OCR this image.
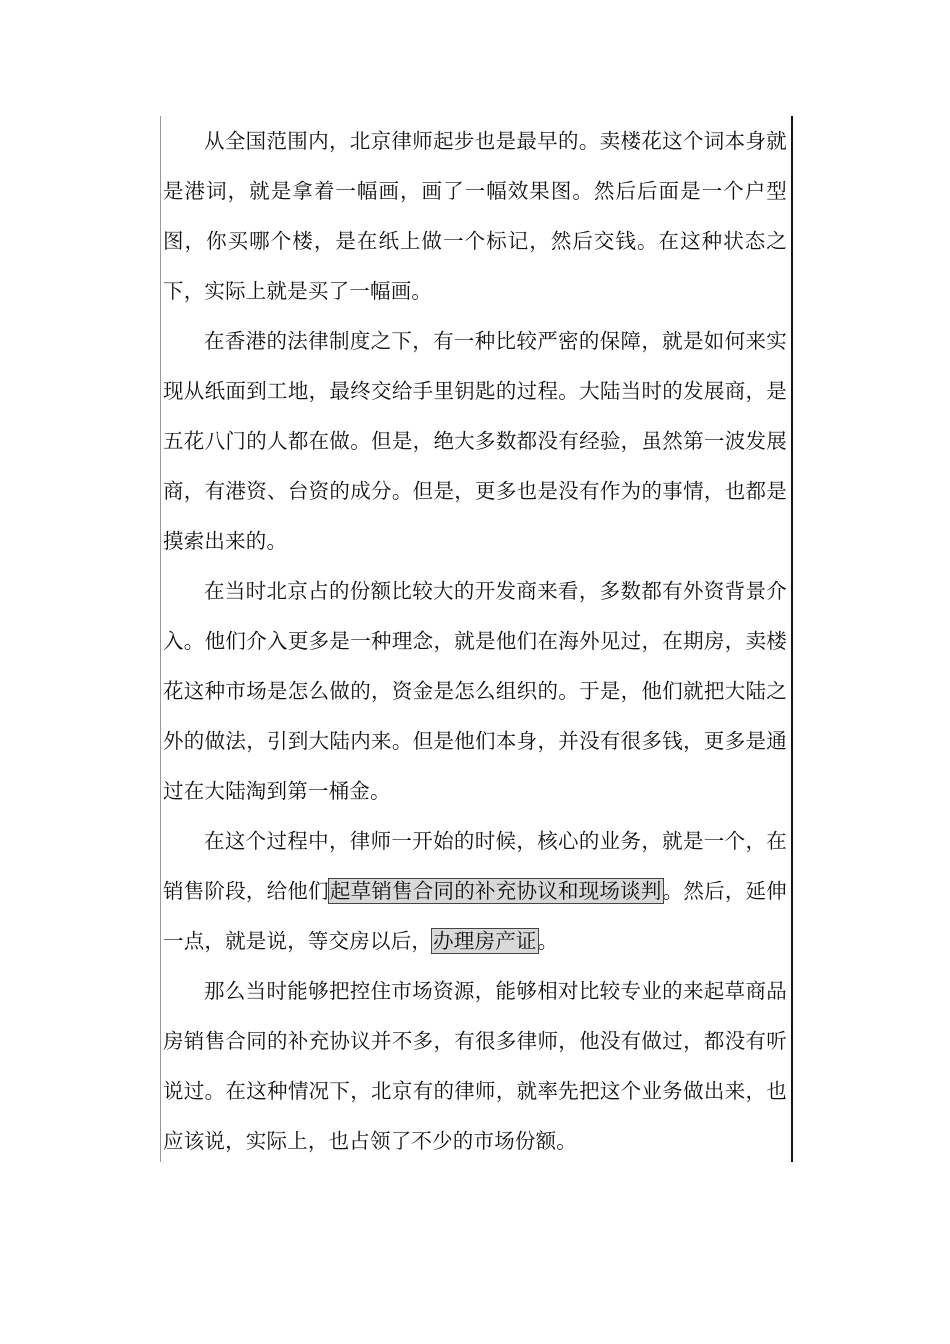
从全国范围内，北京律师起步也是最早的。卖楼花这个词本身就是港词，就是拿着一幅画，画了一幅效果图。然后后面是一个户型图，你买哪个楼，是在纸上做一个标记，然后交钱。在这种状态之下，实际上就是买了一幅画。

在香港的法律制度之下，有一种比较严密的保障，就是如何来实现从纸面到工地，最终交给手里钥匙的过程。大陆当时的发展商，是五花八门的人都在做。但是，绝大多数都没有经验，虽然第一波发展商，有港资、台资的成分。但是，更多也是没有作为的事情，也都是摸索出来的。

在当时北京占的份额比较大的开发商来看，多数都有外资背景介入。他们介入更多是一种理念，就是他们在海外见过，在期房，卖楼花这种市场是怎么做的，资金是怎么组织的。于是，他们就把大陆之外的做法，引到大陆内来。但是他们本身，并没有很多钱，更多是通过在大陆淘到第一桶金。

在这个过程中，律师一开始的时候，核心的业务，就是一个，在销售阶段，给他们起草销售合同的补充协议和现场谈判。然后，延伸一点，就是说，等交房以后，办理房产证。

那么当时能够把控住市场资源，能够相对比较专业的来起草商品房销售合同的补充协议并不多，有很多律师，他没有做过，都没有听说过。在这种情况下，北京有的律师，就率先把这个业务做出来，也应该说，实际上，也占领了不少的市场份额。
